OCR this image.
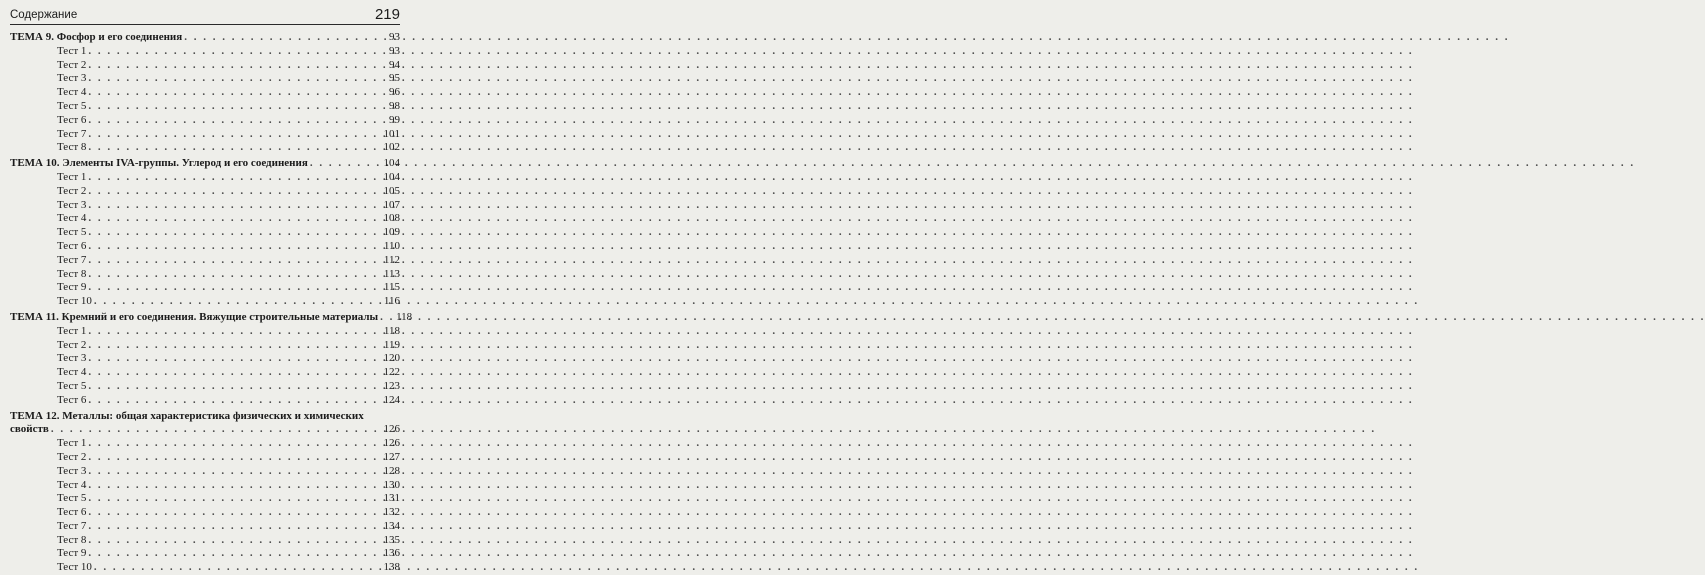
Содержание	219
ТЕМА 9. Фосфор и его соединения . . .	93
Тест 1 . . .	93
Тест 2 . . .	94
Тест 3 . . .	95
Тест 4 . . .	96
Тест 5 . . .	98
Тест 6 . . .	99
Тест 7 . . .	101
Тест 8 . . .	102
ТЕМА 10. Элементы IVA-группы. Углерод и его соединения . . .	104
Тест 1 . . .	104
Тест 2 . . .	105
Тест 3 . . .	107
Тест 4 . . .	108
Тест 5 . . .	109
Тест 6 . . .	110
Тест 7 . . .	112
Тест 8 . . .	113
Тест 9 . . .	115
Тест 10 . . .	116
ТЕМА 11. Кремний и его соединения. Вяжущие строительные материалы . . .	118
Тест 1 . . .	118
Тест 2 . . .	119
Тест 3 . . .	120
Тест 4 . . .	122
Тест 5 . . .	123
Тест 6 . . .	124
ТЕМА 12. Металлы: общая характеристика физических и химических
свойств . . .	126
Тест 1 . . .	126
Тест 2 . . .	127
Тест 3 . . .	128
Тест 4 . . .	130
Тест 5 . . .	131
Тест 6 . . .	132
Тест 7 . . .	134
Тест 8 . . .	135
Тест 9 . . .	136
Тест 10 . . .	138
